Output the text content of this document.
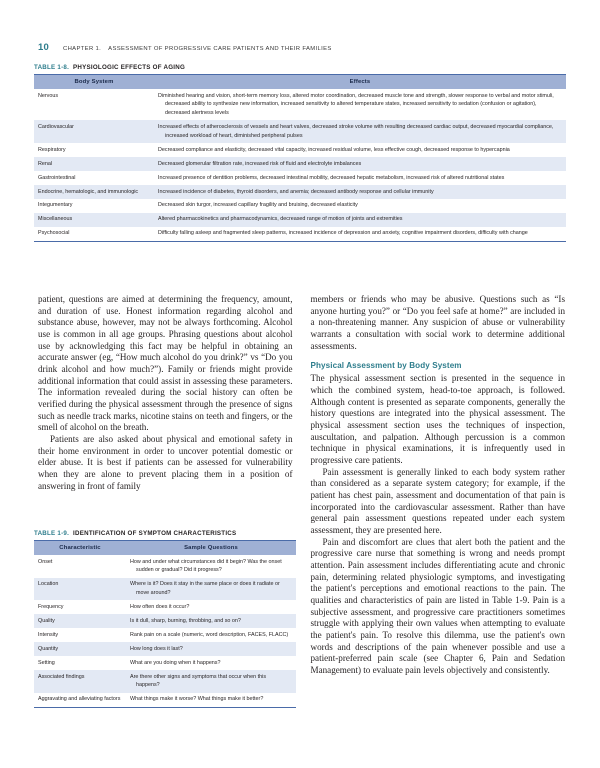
10 CHAPTER 1. ASSESSMENT OF PROGRESSIVE CARE PATIENTS AND THEIR FAMILIES
TABLE 1-8. PHYSIOLOGIC EFFECTS OF AGING
Body System	Effects
Nervous	Diminished hearing and vision, short-term memory loss, altered motor coordination, decreased muscle tone and strength, slower response to verbal and motor stimuli, decreased ability to synthesize new information, increased sensitivity to altered temperature states, increased sensitivity to sedation (confusion or agitation), decreased alertness levels
Cardiovascular	Increased effects of atherosclerosis of vessels and heart valves, decreased stroke volume with resulting decreased cardiac output, decreased myocardial compliance, increased workload of heart, diminished peripheral pulses
Respiratory	Decreased compliance and elasticity, decreased vital capacity, increased residual volume, less effective cough, decreased response to hypercapnia
Renal	Decreased glomerular filtration rate, increased risk of fluid and electrolyte imbalances
Gastrointestinal	Increased presence of dentition problems, decreased intestinal mobility, decreased hepatic metabolism, increased risk of altered nutritional states
Endocrine, hematologic, and immunologic	Increased incidence of diabetes, thyroid disorders, and anemia; decreased antibody response and cellular immunity
Integumentary	Decreased skin turgor, increased capillary fragility and bruising, decreased elasticity
Miscellaneous	Altered pharmacokinetics and pharmacodynamics, decreased range of motion of joints and extremities
Psychosocial	Difficulty falling asleep and fragmented sleep patterns, increased incidence of depression and anxiety, cognitive impairment disorders, difficulty with change

patient, questions are aimed at determining the frequency, amount, and duration of use. Honest information regarding alcohol and substance abuse, however, may not be always forthcoming. Alcohol use is common in all age groups. Phrasing questions about alcohol use by acknowledging this fact may be helpful in obtaining an accurate answer (eg, “How much alcohol do you drink?” vs “Do you drink alcohol and how much?”). Family or friends might provide additional information that could assist in assessing these parameters. The information revealed during the social history can often be verified during the physical assessment through the presence of signs such as needle track marks, nicotine stains on teeth and fingers, or the smell of alcohol on the breath.

Patients are also asked about physical and emotional safety in their home environment in order to uncover potential domestic or elder abuse. It is best if patients can be assessed for vulnerability when they are alone to prevent placing them in a position of answering in front of family

members or friends who may be abusive. Questions such as “Is anyone hurting you?” or “Do you feel safe at home?” are included in a non-threatening manner. Any suspicion of abuse or vulnerability warrants a consultation with social work to determine additional assessments.

Physical Assessment by Body System

The physical assessment section is presented in the sequence in which the combined system, head-to-toe approach, is followed. Although content is presented as separate components, generally the history questions are integrated into the physical assessment. The physical assessment section uses the techniques of inspection, auscultation, and palpation. Although percussion is a common technique in physical examinations, it is infrequently used in progressive care patients.

Pain assessment is generally linked to each body system rather than considered as a separate system category; for example, if the patient has chest pain, assessment and documentation of that pain is incorporated into the cardiovascular assessment. Rather than have general pain assessment questions repeated under each system assessment, they are presented here.

Pain and discomfort are clues that alert both the patient and the progressive care nurse that something is wrong and needs prompt attention. Pain assessment includes differentiating acute and chronic pain, determining related physiologic symptoms, and investigating the patient's perceptions and emotional reactions to the pain. The qualities and characteristics of pain are listed in Table 1-9. Pain is a subjective assessment, and progressive care practitioners sometimes struggle with applying their own values when attempting to evaluate the patient's pain. To resolve this dilemma, use the patient's own words and descriptions of the pain whenever possible and use a patient-preferred pain scale (see Chapter 6, Pain and Sedation Management) to evaluate pain levels objectively and consistently.

TABLE 1-9. IDENTIFICATION OF SYMPTOM CHARACTERISTICS
Characteristic	Sample Questions
Onset	How and under what circumstances did it begin? Was the onset sudden or gradual? Did it progress?
Location	Where is it? Does it stay in the same place or does it radiate or move around?
Frequency	How often does it occur?
Quality	Is it dull, sharp, burning, throbbing, and so on?
Intensity	Rank pain on a scale (numeric, word description, FACES, FLACC)
Quantity	How long does it last?
Setting	What are you doing when it happens?
Associated findings	Are there other signs and symptoms that occur when this happens?
Aggravating and alleviating factors	What things make it worse? What things make it better?
